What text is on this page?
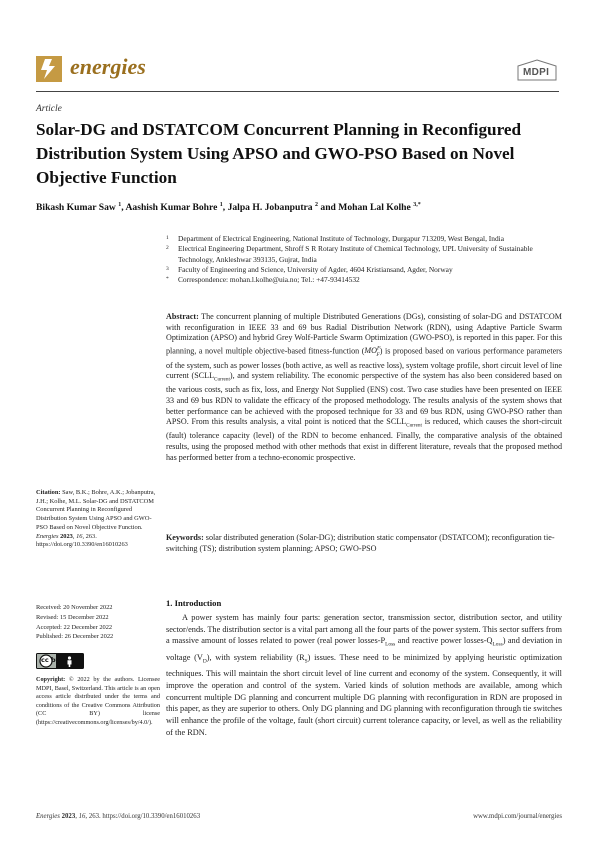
energies	MDPI
Article
Solar-DG and DSTATCOM Concurrent Planning in Reconfigured Distribution System Using APSO and GWO-PSO Based on Novel Objective Function
Bikash Kumar Saw $^1$, Aashish Kumar Bohre $^1$, Jalpa H. Jobanputra $^2$ and Mohan Lal Kolhe $^{3,*}$
1 Department of Electrical Engineering, National Institute of Technology, Durgapur 713209, West Bengal, India
2 Electrical Engineering Department, Shroff S R Rotary Institute of Chemical Technology, UPL University of Sustainable Technology, Ankleshwar 393135, Gujrat, India
3 Faculty of Engineering and Science, University of Agder, 4604 Kristiansand, Agder, Norway
* Correspondence: mohan.l.kolhe@uia.no; Tel.: +47-93414532
Abstract: The concurrent planning of multiple Distributed Generations (DGs), consisting of solar-DG and DSTATCOM with reconfiguration in IEEE 33 and 69 bus Radial Distribution Network (RDN), using Adaptive Particle Swarm Optimization (APSO) and hybrid Grey Wolf-Particle Swarm Optimization (GWO-PSO), is reported in this paper. For this planning, a novel multiple objective-based fitness-function $(MO^F_F)$ is proposed based on various performance parameters of the system, such as power losses (both active, as well as reactive loss), system voltage profile, short circuit level of line current $(SCLL_{Current})$, and system reliability. The economic perspective of the system has also been considered based on the various costs, such as fix, loss, and Energy Not Supplied (ENS) cost. Two case studies have been presented on IEEE 33 and 69 bus RDN to validate the efficacy of the proposed methodology. The results analysis of the system shows that better performance can be achieved with the proposed technique for 33 and 69 bus RDN, using GWO-PSO rather than APSO. From this results analysis, a vital point is noticed that the $SCLL_{Current}$ is reduced, which causes the short-circuit (fault) tolerance capacity (level) of the RDN to become enhanced. Finally, the comparative analysis of the obtained results, using the proposed method with other methods that exist in different literature, reveals that the proposed method has performed better from a techno-economic prospective.
Keywords: solar distributed generation (Solar-DG); distribution static compensator (DSTATCOM); reconfiguration tie-switching (TS); distribution system planning; APSO; GWO-PSO
Citation: Saw, B.K.; Bohre, A.K.; Jobanputra, J.H.; Kolhe, M.L. Solar-DG and DSTATCOM Concurrent Planning in Reconfigured Distribution System Using APSO and GWO-PSO Based on Novel Objective Function. Energies 2023, 16, 263. https://doi.org/10.3390/en16010263
Received: 20 November 2022
Revised: 15 December 2022
Accepted: 22 December 2022
Published: 26 December 2022
cc by
Copyright: © 2022 by the authors. Licensee MDPI, Basel, Switzerland. This article is an open access article distributed under the terms and conditions of the Creative Commons Attribution (CC BY) license (https://creativecommons.org/licenses/by/4.0/).
1. Introduction
A power system has mainly four parts: generation sector, transmission sector, distribution sector, and utility sector/ends. The distribution sector is a vital part among all the four parts of the power system. This sector suffers from a massive amount of losses related to power (real power losses-$P_{Loss}$ and reactive power losses-$Q_{Loss}$) and deviation in voltage $(V_D)$, with system reliability $(R_S)$ issues. These need to be minimized by applying heuristic optimization techniques. This will maintain the short circuit level of line current and economy of the system. Consequently, it will improve the operation and control of the system. Varied kinds of solution methods are available, among which concurrent multiple DG planning and concurrent multiple DG planning with reconfiguration in RDN are proposed in this paper, as they are superior to others. Only DG planning and DG planning with reconfiguration through tie switches will enhance the profile of the voltage, fault (short circuit) current tolerance capacity, or level, as well as the reliability of the RDN.
Energies 2023, 16, 263. https://doi.org/10.3390/en16010263	www.mdpi.com/journal/energies
